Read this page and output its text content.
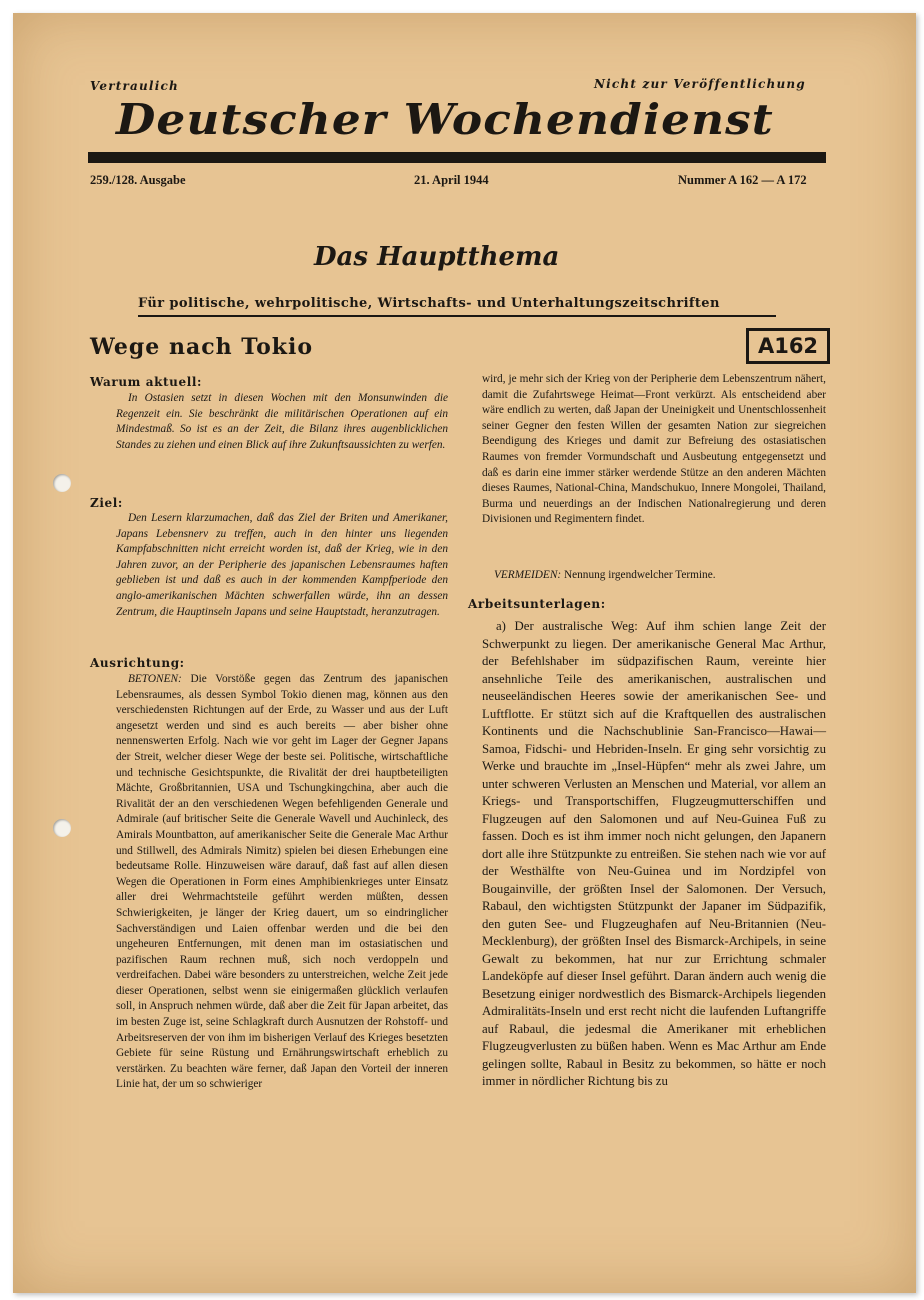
Vertraulich	Nicht zur Veröffentlichung
Deutscher Wochendienst
259./128. Ausgabe	21. April 1944	Nummer A 162 — A 172
Das Hauptthema
Für politische, wehrpolitische, Wirtschafts- und Unterhaltungszeitschriften
Wege nach Tokio	A162
Warum aktuell:
In Ostasien setzt in diesen Wochen mit den Monsunwinden die Regenzeit ein. Sie beschränkt die militärischen Operationen auf ein Mindestmaß. So ist es an der Zeit, die Bilanz ihres augenblicklichen Standes zu ziehen und einen Blick auf ihre Zukunftsaussichten zu werfen.
Ziel:
Den Lesern klarzumachen, daß das Ziel der Briten und Amerikaner, Japans Lebensnerv zu treffen, auch in den hinter uns liegenden Kampfabschnitten nicht erreicht worden ist, daß der Krieg, wie in den Jahren zuvor, an der Peripherie des japanischen Lebensraumes haften geblieben ist und daß es auch in der kommenden Kampfperiode den anglo-amerikanischen Mächten schwerfallen würde, ihn an dessen Zentrum, die Hauptinseln Japans und seine Hauptstadt, heranzutragen.
Ausrichtung:
BETONEN: Die Vorstöße gegen das Zentrum des japanischen Lebensraumes, als dessen Symbol Tokio dienen mag, können aus den verschiedensten Richtungen auf der Erde, zu Wasser und aus der Luft angesetzt werden und sind es auch bereits — aber bisher ohne nennenswerten Erfolg. Nach wie vor geht im Lager der Gegner Japans der Streit, welcher dieser Wege der beste sei. Politische, wirtschaftliche und technische Gesichtspunkte, die Rivalität der drei hauptbeteiligten Mächte, Großbritannien, USA und Tschungkingchina, aber auch die Rivalität der an den verschiedenen Wegen befehligenden Generale und Admirale (auf britischer Seite die Generale Wavell und Auchinleck, des Amirals Mountbatton, auf amerikanischer Seite die Generale Mac Arthur und Stillwell, des Admirals Nimitz) spielen bei diesen Erhebungen eine bedeutsame Rolle. Hinzuweisen wäre darauf, daß fast auf allen diesen Wegen die Operationen in Form eines Amphibienkrieges unter Einsatz aller drei Wehrmachtsteile geführt werden müßten, dessen Schwierigkeiten, je länger der Krieg dauert, um so eindringlicher Sachverständigen und Laien offenbar werden und die bei den ungeheuren Entfernungen, mit denen man im ostasiatischen und pazifischen Raum rechnen muß, sich noch verdoppeln und verdreifachen. Dabei wäre besonders zu unterstreichen, welche Zeit jede dieser Operationen, selbst wenn sie einigermaßen glücklich verlaufen soll, in Anspruch nehmen würde, daß aber die Zeit für Japan arbeitet, das im besten Zuge ist, seine Schlagkraft durch Ausnutzen der Rohstoff- und Arbeitsreserven der von ihm im bisherigen Verlauf des Krieges besetzten Gebiete für seine Rüstung und Ernährungswirtschaft erheblich zu verstärken. Zu beachten wäre ferner, daß Japan den Vorteil der inneren Linie hat, der um so schwieriger
wird, je mehr sich der Krieg von der Peripherie dem Lebenszentrum nähert, damit die Zufahrtswege Heimat—Front verkürzt. Als entscheidend aber wäre endlich zu werten, daß Japan der Uneinigkeit und Unentschlossenheit seiner Gegner den festen Willen der gesamten Nation zur siegreichen Beendigung des Krieges und damit zur Befreiung des ostasiatischen Raumes von fremder Vormundschaft und Ausbeutung entgegensetzt und daß es darin eine immer stärker werdende Stütze an den anderen Mächten dieses Raumes, National-China, Mandschukuo, Innere Mongolei, Thailand, Burma und neuerdings an der Indischen Nationalregierung und deren Divisionen und Regimentern findet.
VERMEIDEN: Nennung irgendwelcher Termine.
Arbeitsunterlagen:
a) Der australische Weg: Auf ihm schien lange Zeit der Schwerpunkt zu liegen. Der amerikanische General Mac Arthur, der Befehlshaber im südpazifischen Raum, vereinte hier ansehnliche Teile des amerikanischen, australischen und neuseeländischen Heeres sowie der amerikanischen See- und Luftflotte. Er stützt sich auf die Kraftquellen des australischen Kontinents und die Nachschublinie San-Francisco—Hawai—Samoa, Fidschi- und Hebriden-Inseln. Er ging sehr vorsichtig zu Werke und brauchte im „Insel-Hüpfen“ mehr als zwei Jahre, um unter schweren Verlusten an Menschen und Material, vor allem an Kriegs- und Transportschiffen, Flugzeugmutterschiffen und Flugzeugen auf den Salomonen und auf Neu-Guinea Fuß zu fassen. Doch es ist ihm immer noch nicht gelungen, den Japanern dort alle ihre Stützpunkte zu entreißen. Sie stehen nach wie vor auf der Westhälfte von Neu-Guinea und im Nordzipfel von Bougainville, der größten Insel der Salomonen. Der Versuch, Rabaul, den wichtigsten Stützpunkt der Japaner im Südpazifik, den guten See- und Flugzeughafen auf Neu-Britannien (Neu-Mecklenburg), der größten Insel des Bismarck-Archipels, in seine Gewalt zu bekommen, hat nur zur Errichtung schmaler Landeköpfe auf dieser Insel geführt. Daran ändern auch wenig die Besetzung einiger nordwestlich des Bismarck-Archipels liegenden Admiralitäts-Inseln und erst recht nicht die laufenden Luftangriffe auf Rabaul, die jedesmal die Amerikaner mit erheblichen Flugzeugverlusten zu büßen haben. Wenn es Mac Arthur am Ende gelingen sollte, Rabaul in Besitz zu bekommen, so hätte er noch immer in nördlicher Richtung bis zu
